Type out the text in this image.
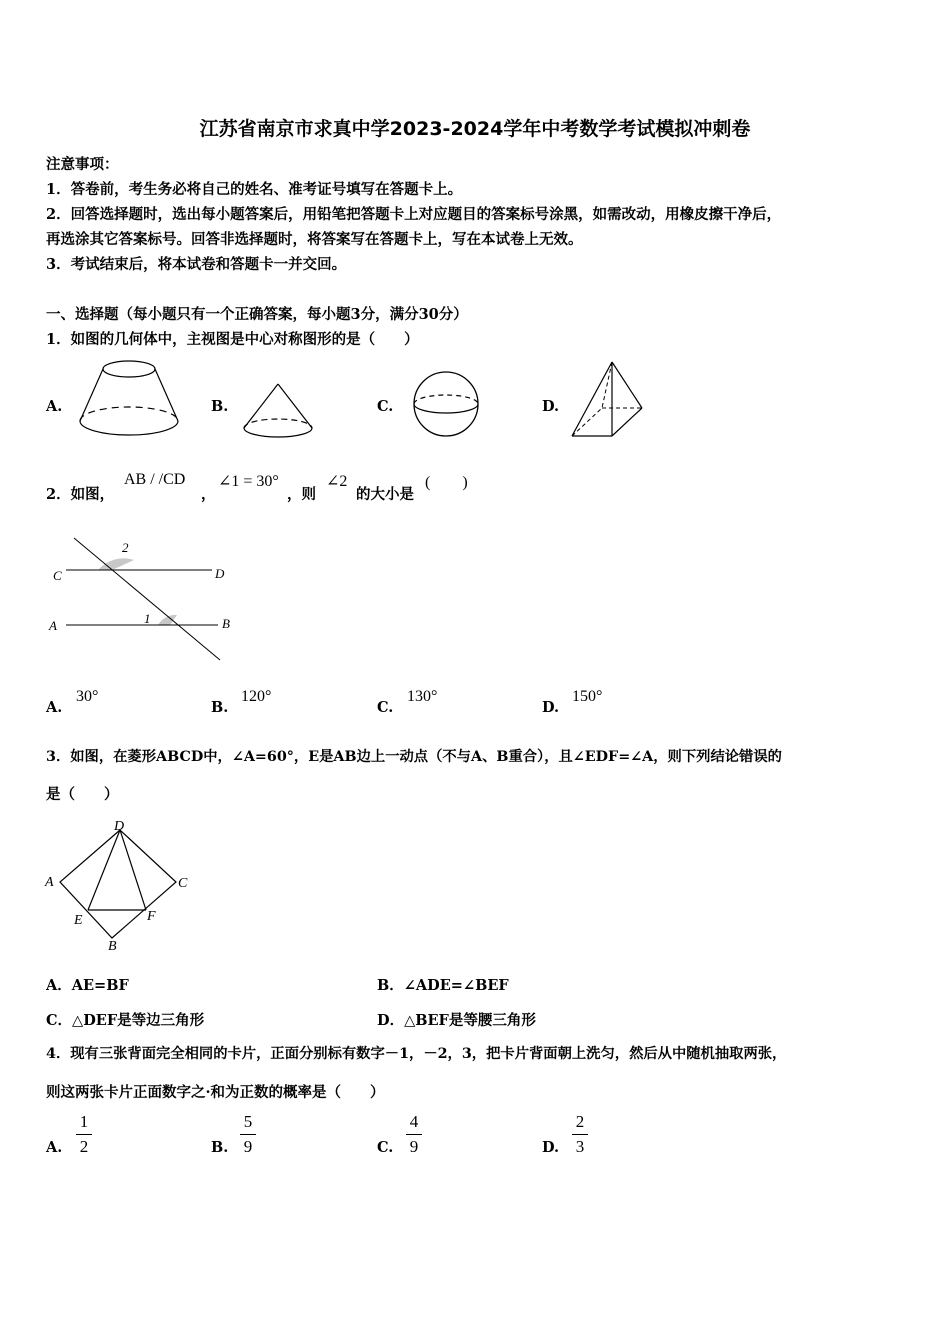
江苏省南京市求真中学2023-2024学年中考数学考试模拟冲刺卷
注意事项：
1．答卷前，考生务必将自己的姓名、准考证号填写在答题卡上。
2．回答选择题时，选出每小题答案后，用铅笔把答题卡上对应题目的答案标号涂黑，如需改动，用橡皮擦干净后，
再选涂其它答案标号。回答非选择题时，将答案写在答题卡上，写在本试卷上无效。
3．考试结束后，将本试卷和答题卡一并交回。
一、选择题（每小题只有一个正确答案，每小题3分，满分30分）
1．如图的几何体中，主视图是中心对称图形的是（　　）
A.	B.	C.	D.
2．如图，
AB / /CD
，
∠1 = 30°
，则
∠2
的大小是
(　　)
C	D
A	B
1
2
A.
30°
B.
120°
C.
130°
D.
150°
3．如图，在菱形ABCD中，∠A=60°，E是AB边上一动点（不与A、B重合），且∠EDF=∠A，则下列结论错误的
是（　　）
D
A	C
E	F
B
A．AE=BF	B．∠ADE=∠BEF
C．△DEF是等边三角形	D．△BEF是等腰三角形
4．现有三张背面完全相同的卡片，正面分别标有数字－1，－2，3，把卡片背面朝上洗匀，然后从中随机抽取两张，
则这两张卡片正面数字之·和为正数的概率是（　　）
A.
1
2	B.
5
9	C.
4
9	D.
2
3
